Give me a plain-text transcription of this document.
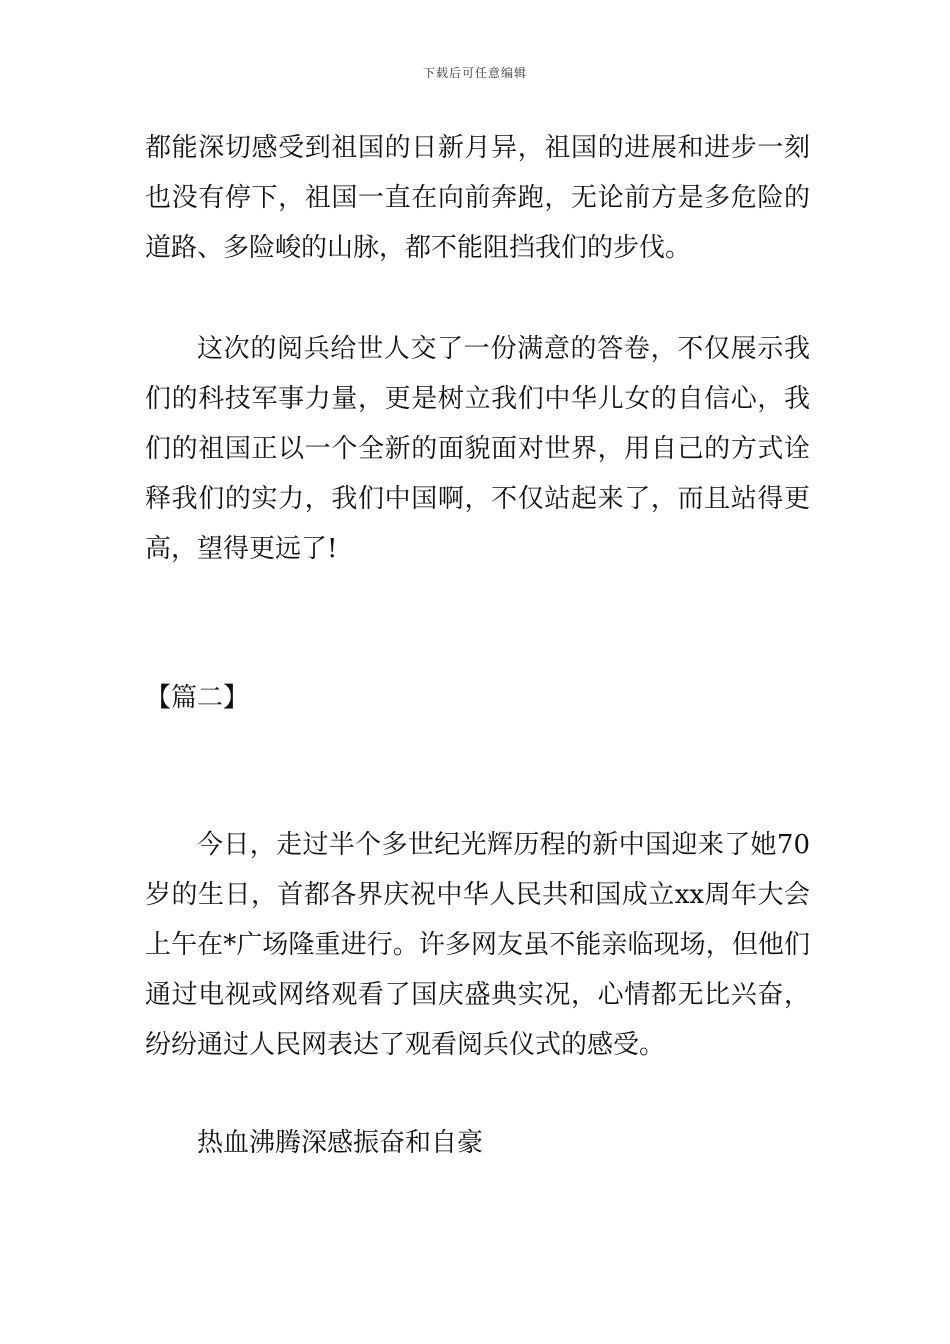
下载后可任意编辑

都能深切感受到祖国的日新月异，祖国的进展和进步一刻也没有停下，祖国一直在向前奔跑，无论前方是多危险的道路、多险峻的山脉，都不能阻挡我们的步伐。

这次的阅兵给世人交了一份满意的答卷，不仅展示我们的科技军事力量，更是树立我们中华儿女的自信心，我们的祖国正以一个全新的面貌面对世界，用自己的方式诠释我们的实力，我们中国啊，不仅站起来了，而且站得更高，望得更远了!

【篇二】

今日，走过半个多世纪光辉历程的新中国迎来了她70岁的生日，首都各界庆祝中华人民共和国成立xx周年大会上午在*广场隆重进行。许多网友虽不能亲临现场，但他们通过电视或网络观看了国庆盛典实况，心情都无比兴奋，纷纷通过人民网表达了观看阅兵仪式的感受。

热血沸腾深感振奋和自豪
